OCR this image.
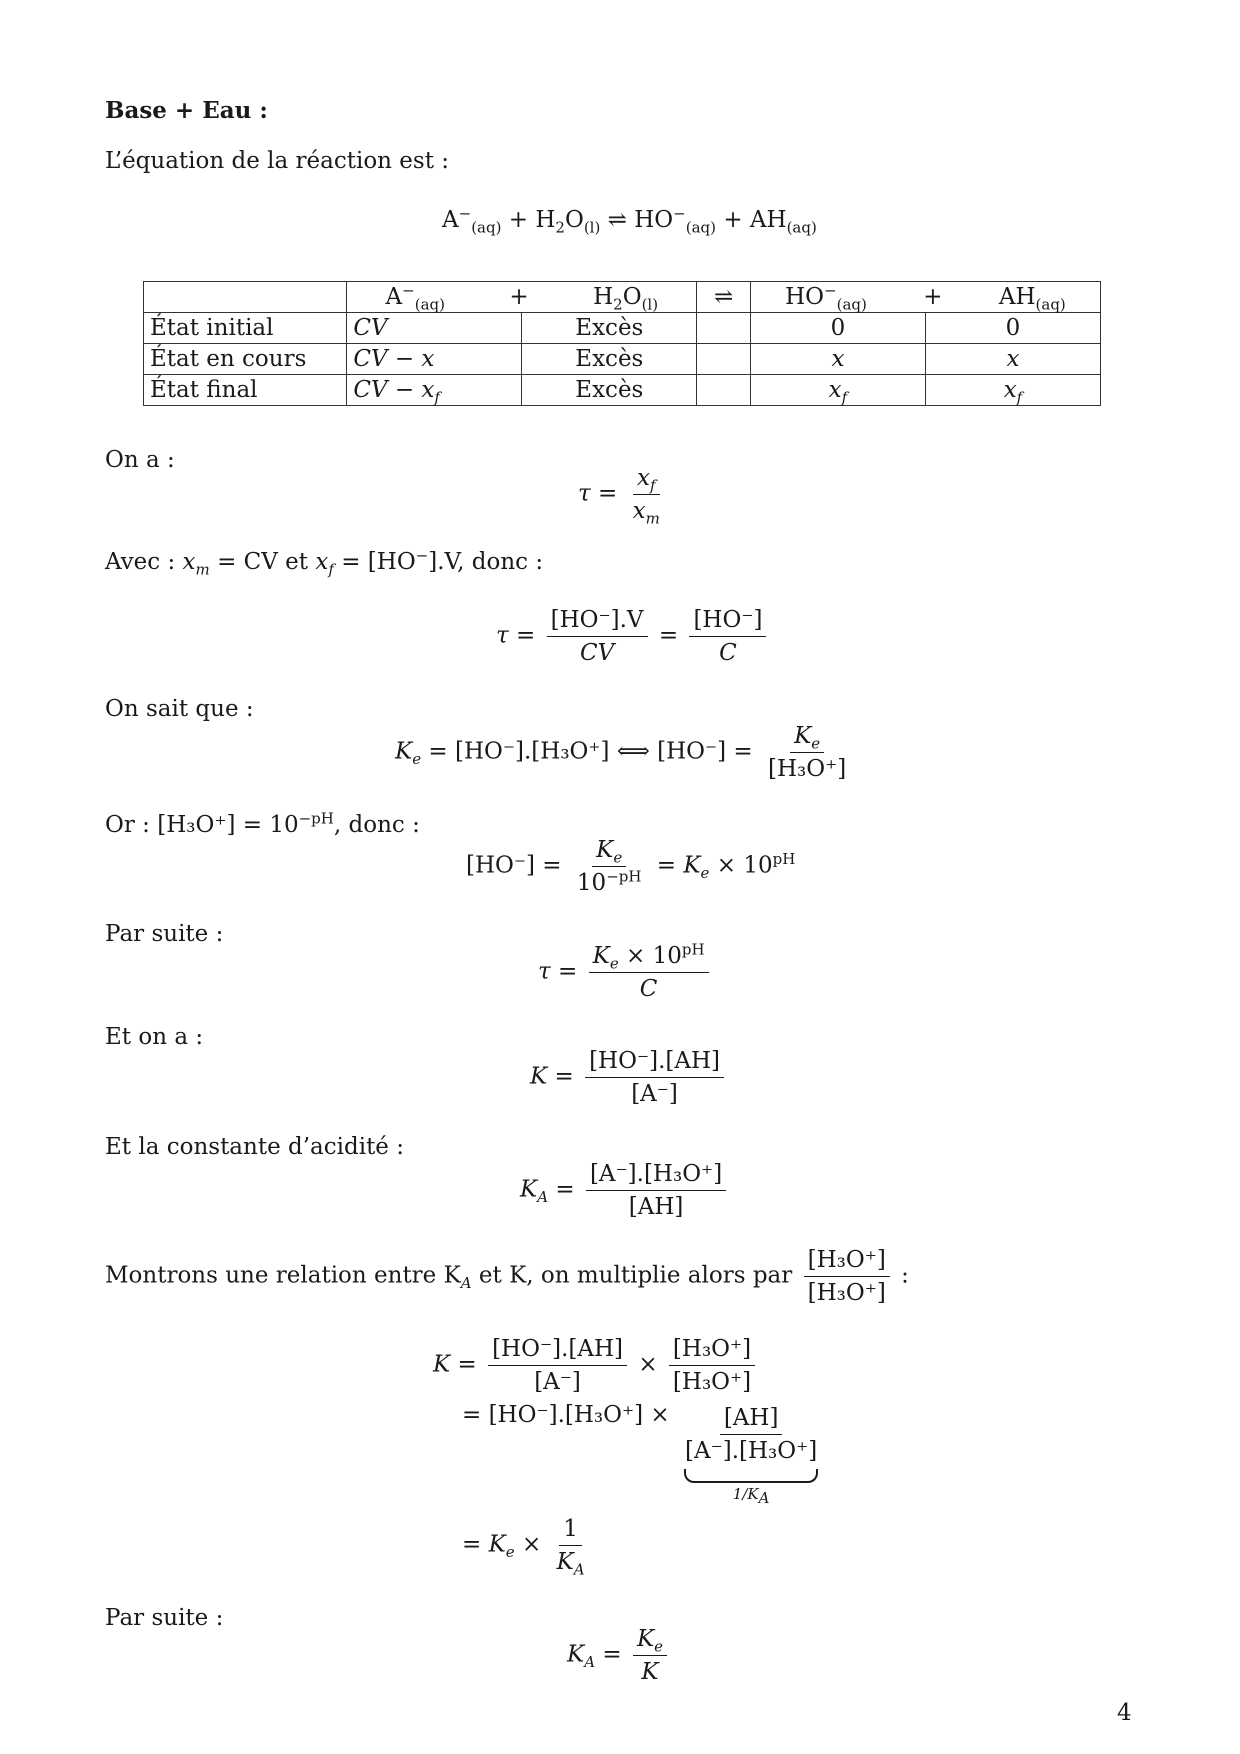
Base + Eau :
L’équation de la réaction est :
$A^-_{(aq)} + H_2O_{(l)}$ ⇌ $HO^-_{(aq)} + AH_{(aq)}$

	$A^-_{(aq)} + H_2O_{(l)}$		⇌	$HO^-_{(aq)} + AH_{(aq)}$

État initial	CV	Excès		0	0
État en cours	CV − x	Excès		x	x
État final	CV − $x_f$	Excès		$x_f$	$x_f$
On a :
$\tau = \frac{x_f}{x_m}$
Avec : $x_m$ = CV et $x_f = [HO^-].V$, donc :
$\tau = \frac{[HO^-].V}{CV} = \frac{[HO^-]}{C}$
On sait que :
$K_e = [HO^-].[H_3O^+]$ ⟺ $[HO^-] = \frac{K_e}{\text{[H₃O⁺]}}$
Or : $[H_3O^+] = 10^{-pH}$, donc :
$[HO^-] = \frac{K_e}{10^{-pH}} = K_e \times 10^{pH}$
Par suite :
$\tau = \frac{K_e \times 10^{pH}}{C}$
Et on a :
$K = \frac{[HO^-].[AH]}{[A^-]}$
Et la constante d’acidité :
$K_A = \frac{\text{[A⁻].[H₃O⁺]}}{[AH]}$
Montrons une relation entre $K_A$ et K, on multiplie alors par $\frac{\text{[H₃O⁺]}}{\text{[H₃O⁺]}}$ :
$K = \frac{[HO^-].[AH]}{[A^-]} \times \frac{\text{[H₃O⁺]}}{\text{[H₃O⁺]}}$
= $[HO^-].[H_3O^+] \times \frac{[AH]}{\text{[A⁻].[H₃O⁺]}}$
$1/K_A$
= $K_e \times \frac{1}{K_A}$
Par suite :
$K_A = \frac{K_e}{K}$
4
